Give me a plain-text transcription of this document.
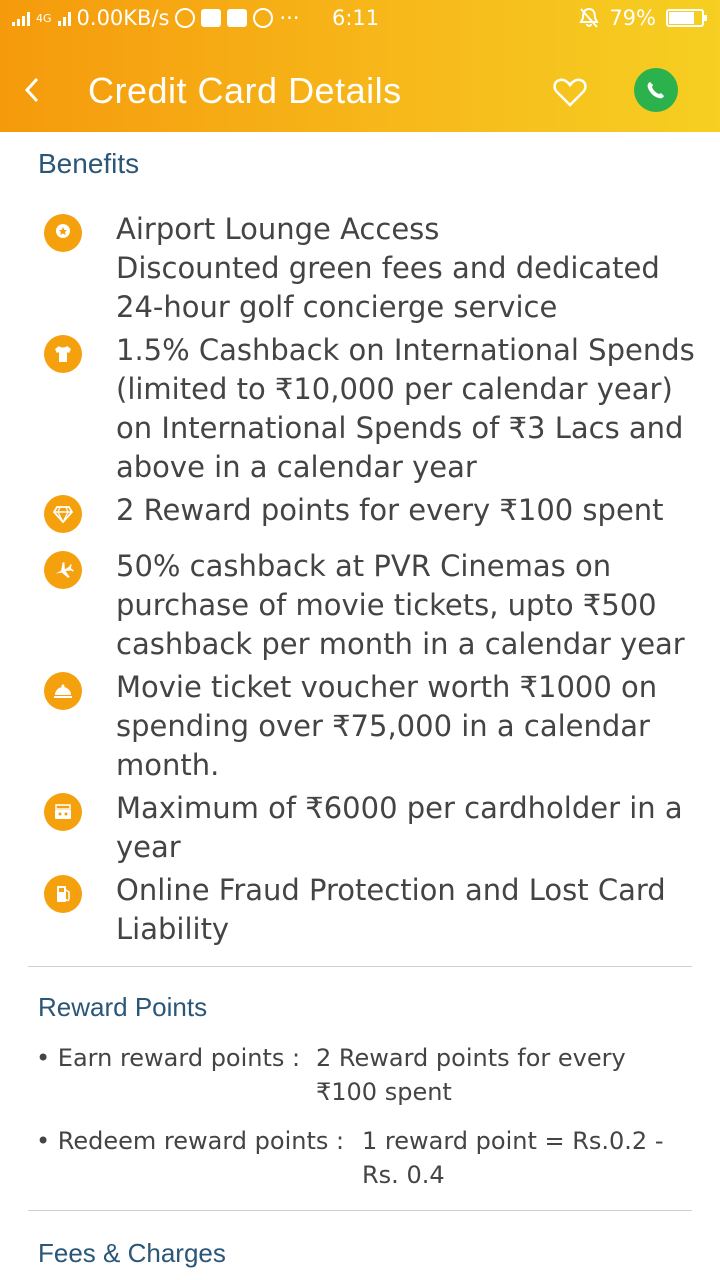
4G 0.00KB/s	··· 6:11	79%
Credit Card Details
Benefits
Airport Lounge Access
Discounted green fees and dedicated 24-hour golf concierge service
1.5% Cashback on International Spends (limited to ₹10,000 per calendar year) on International Spends of ₹3 Lacs and above in a calendar year
2 Reward points for every ₹100 spent
50% cashback at PVR Cinemas on purchase of movie tickets, upto ₹500 cashback per month in a calendar year
Movie ticket voucher worth ₹1000 on spending over ₹75,000 in a calendar month.
Maximum of ₹6000 per cardholder in a year
Online Fraud Protection and Lost Card Liability
Reward Points
• Earn reward points : 2 Reward points for every
₹100 spent
• Redeem reward points : 1 reward point = Rs.0.2 -
Rs. 0.4
Fees & Charges
